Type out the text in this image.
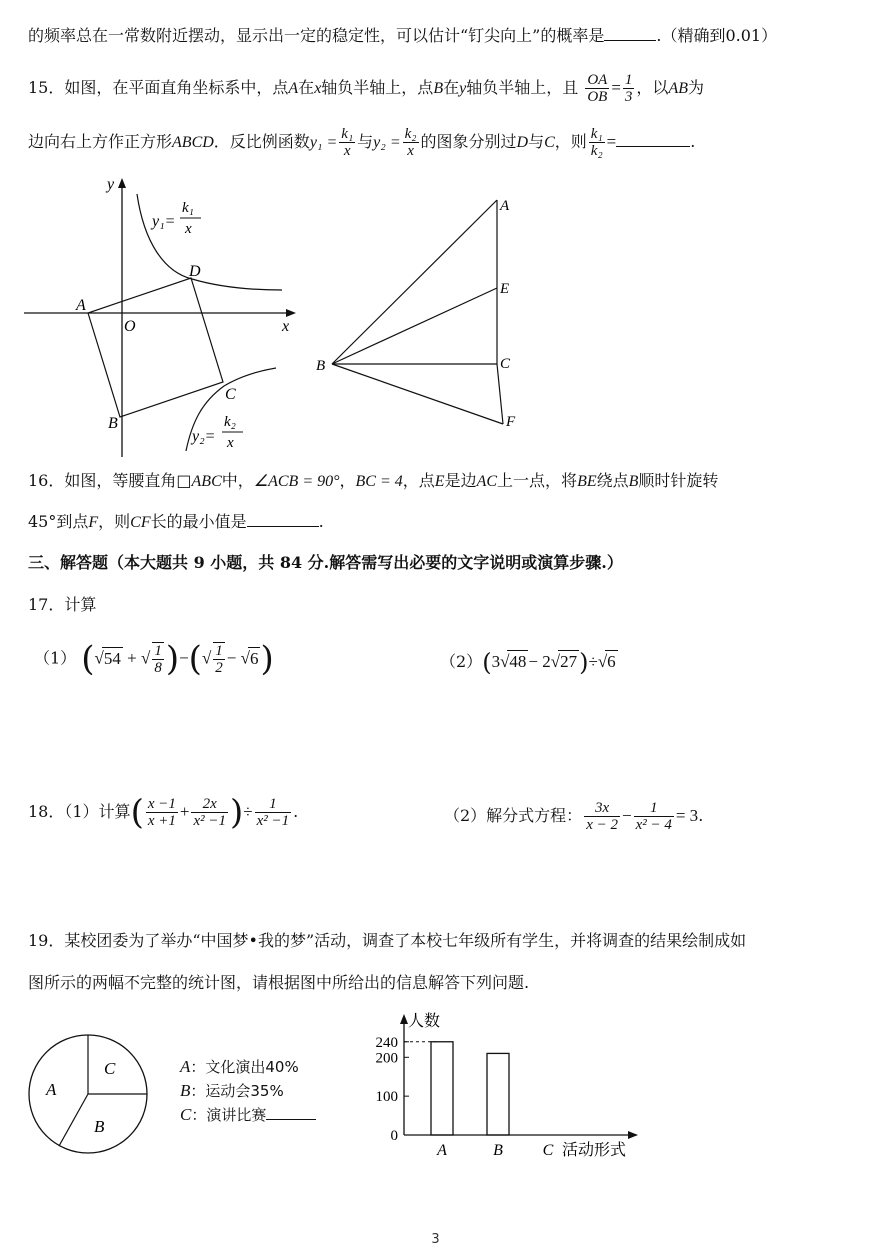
的频率总在一常数附近摆动，显示出一定的稳定性，可以估计“钉尖向上”的概率是	.（精确到0.01）
15．如图，在平面直角坐标系中，点A在x轴负半轴上，点B在y轴负半轴上，且 $\frac{OA}{OB} = \frac{1}{3}$ ，以AB为
边向右上方作正方形ABCD．反比例函数$y_1 = \frac{\text{k₁}}{x}$ 与$y_2 = \frac{\text{k₂}}{x}$ 的图象分别过D与C，则 $\frac{\text{k₁}}{\text{k₂}}$ =	.
y
x
O
A
B
C
D
y₁=
k₁
x
y₂=
k₂
x
A
E
C
B
F
16．如图，等腰直角□ABC中，∠ACB = 90°，BC = 4，点E是边AC上一点，将BE绕点B顺时针旋转
45°到点F，则CF长的最小值是	.
三、解答题（本大题共 9 小题，共 84 分.解答需写出必要的文字说明或演算步骤.）
17．计算
（1） (√54 + √ $\frac{1}{8}$ )−(√ $\frac{1}{2} - √6$)	（2）(3√48 − 2√27)÷√6
18．（1）计算( $\frac{x -1}{x +1} + \frac{2x}{\text{x² −1}}$ )÷ $\frac{1}{\text{x² −1}}$ .	（2）解分式方程： $\frac{3x}{x - 2} - \frac{1}{\text{x² − 4}} = 3$.
19．某校团委为了举办“中国梦•我的梦”活动，调查了本校七年级所有学生，并将调查的结果绘制成如
图所示的两幅不完整的统计图，请根据图中所给出的信息解答下列问题.
A
C
B
A：文化演出40%
B：运动会35%
C：演讲比赛
人数
0
100
200
240
A	B C 活动形式
3
